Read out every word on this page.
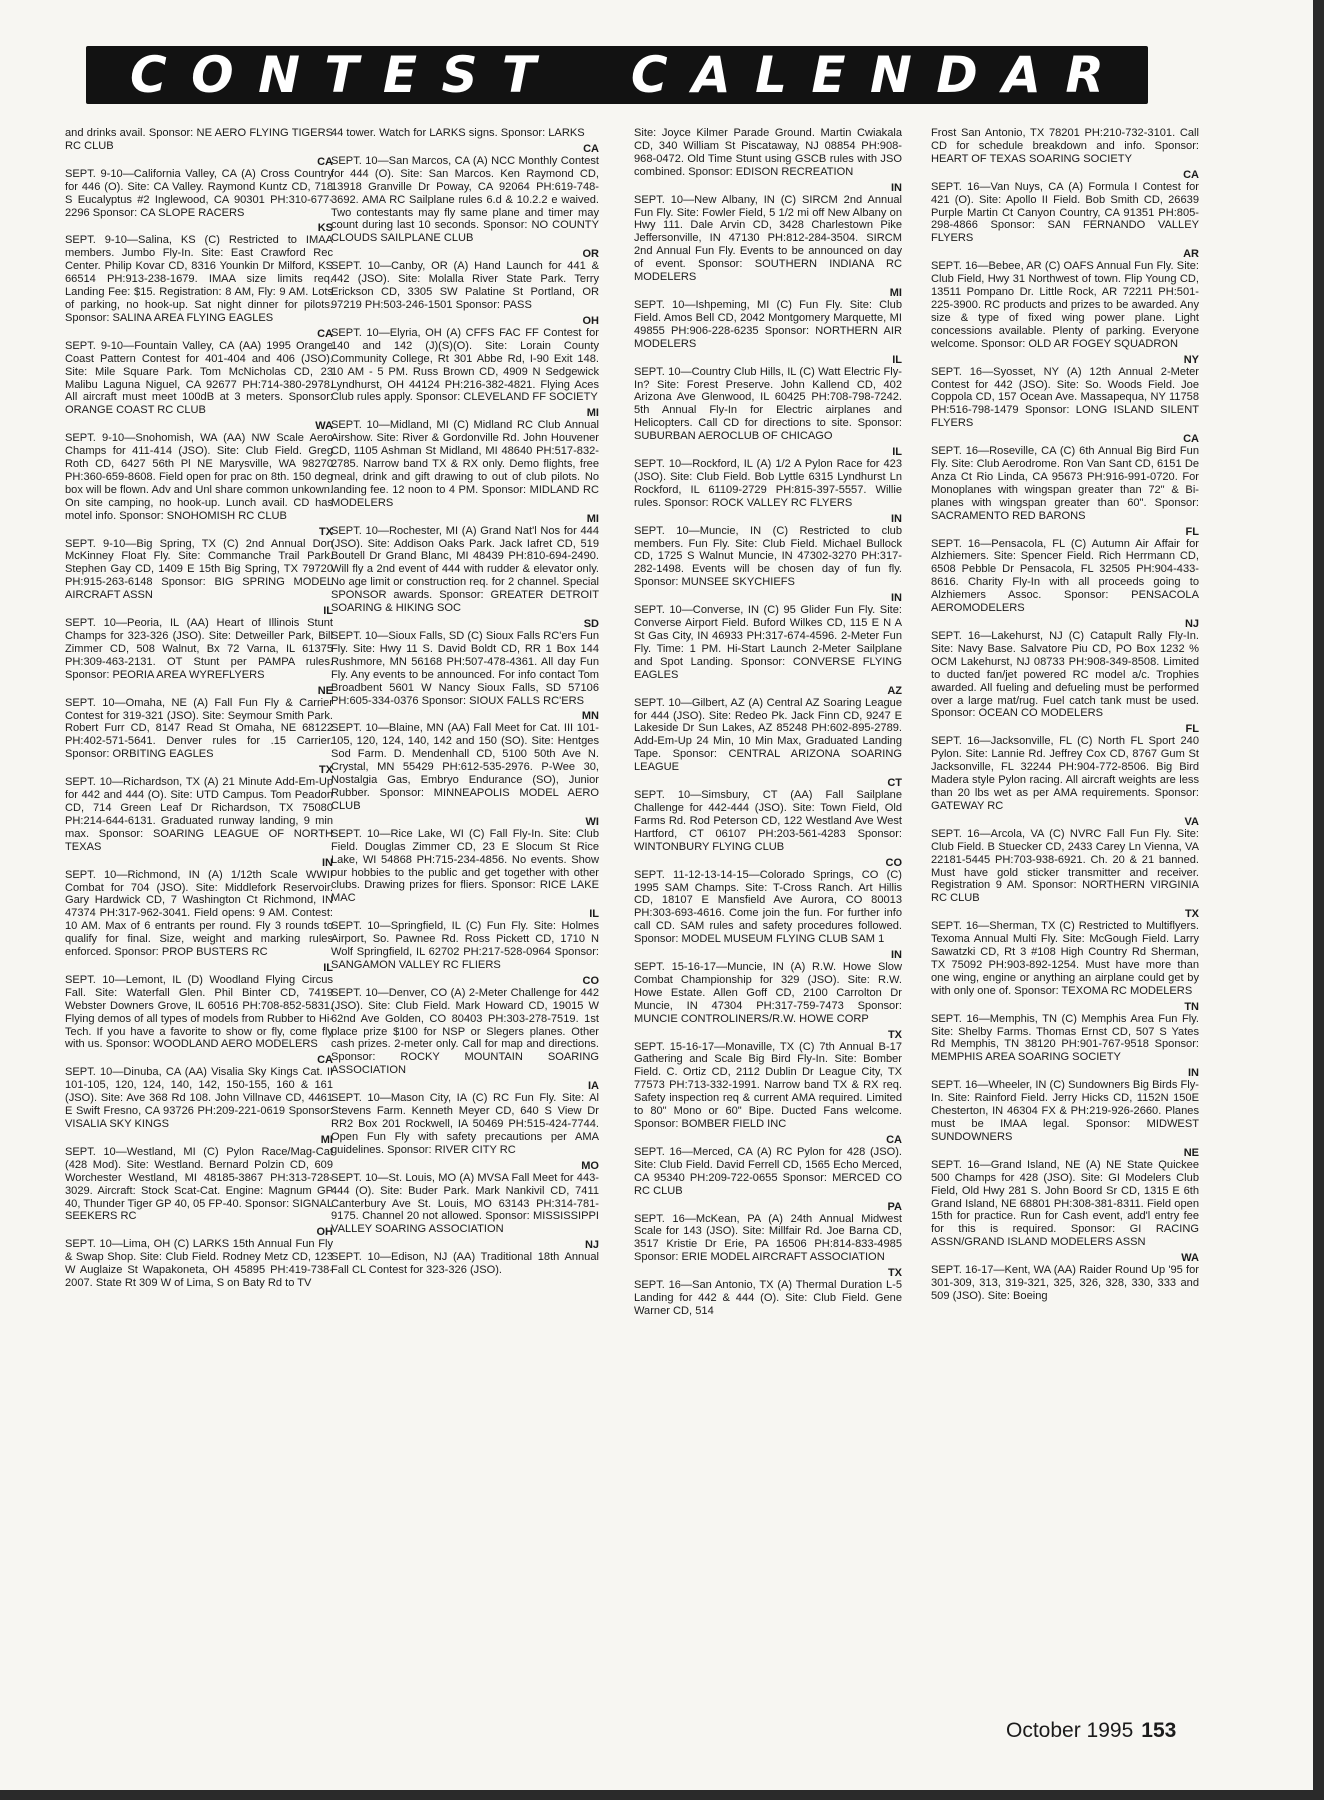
C O N T E S T C A L E N D A R
and drinks avail. Sponsor: NE AERO FLYING TIGERS RC CLUB
CA
SEPT. 9-10—California Valley, CA (A) Cross Country for 446 (O). Site: CA Valley. Raymond Kuntz CD, 718 S Eucalyptus #2 Inglewood, CA 90301 PH:310-677-2296 Sponsor: CA SLOPE RACERS
KS
SEPT. 9-10—Salina, KS (C) Restricted to IMAA members. Jumbo Fly-In. Site: East Crawford Rec Center. Philip Kovar CD, 8316 Younkin Dr Milford, KS 66514 PH:913-238-1679. IMAA size limits req. Landing Fee: $15. Registration: 8 AM, Fly: 9 AM. Lots of parking, no hook-up. Sat night dinner for pilots. Sponsor: SALINA AREA FLYING EAGLES
CA
SEPT. 9-10—Fountain Valley, CA (AA) 1995 Orange Coast Pattern Contest for 401-404 and 406 (JSO). Site: Mile Square Park. Tom McNicholas CD, 23 Malibu Laguna Niguel, CA 92677 PH:714-380-2978. All aircraft must meet 100dB at 3 meters. Sponsor: ORANGE COAST RC CLUB
WA
SEPT. 9-10—Snohomish, WA (AA) NW Scale Aero Champs for 411-414 (JSO). Site: Club Field. Greg Roth CD, 6427 56th Pl NE Marysville, WA 98270 PH:360-659-8608. Field open for prac on 8th. 150 deg box will be flown. Adv and Unl share common unkown. On site camping, no hook-up. Lunch avail. CD has motel info. Sponsor: SNOHOMISH RC CLUB
TX
SEPT. 9-10—Big Spring, TX (C) 2nd Annual Don McKinney Float Fly. Site: Commanche Trail Park. Stephen Gay CD, 1409 E 15th Big Spring, TX 79720 PH:915-263-6148 Sponsor: BIG SPRING MODEL AIRCRAFT ASSN
IL
SEPT. 10—Peoria, IL (AA) Heart of Illinois Stunt Champs for 323-326 (JSO). Site: Detweiller Park, Bill Zimmer CD, 508 Walnut, Bx 72 Varna, IL 61375 PH:309-463-2131. OT Stunt per PAMPA rules. Sponsor: PEORIA AREA WYREFLYERS
NE
SEPT. 10—Omaha, NE (A) Fall Fun Fly & Carrier Contest for 319-321 (JSO). Site: Seymour Smith Park. Robert Furr CD, 8147 Read St Omaha, NE 68122 PH:402-571-5641. Denver rules for .15 Carrier. Sponsor: ORBITING EAGLES
TX
SEPT. 10—Richardson, TX (A) 21 Minute Add-Em-Up for 442 and 444 (O). Site: UTD Campus. Tom Peadon CD, 714 Green Leaf Dr Richardson, TX 75080 PH:214-644-6131. Graduated runway landing, 9 min max. Sponsor: SOARING LEAGUE OF NORTH TEXAS
IN
SEPT. 10—Richmond, IN (A) 1/12th Scale WWII Combat for 704 (JSO). Site: Middlefork Reservoir. Gary Hardwick CD, 7 Washington Ct Richmond, IN 47374 PH:317-962-3041. Field opens: 9 AM. Contest: 10 AM. Max of 6 entrants per round. Fly 3 rounds to qualify for final. Size, weight and marking rules enforced. Sponsor: PROP BUSTERS RC
IL
SEPT. 10—Lemont, IL (D) Woodland Flying Circus Fall. Site: Waterfall Glen. Phil Binter CD, 7419 Webster Downers Grove, IL 60516 PH:708-852-5831. Flying demos of all types of models from Rubber to Hi-Tech. If you have a favorite to show or fly, come fly with us. Sponsor: WOODLAND AERO MODELERS
CA
SEPT. 10—Dinuba, CA (AA) Visalia Sky Kings Cat. II 101-105, 120, 124, 140, 142, 150-155, 160 & 161 (JSO). Site: Ave 368 Rd 108. John Villnave CD, 4461 E Swift Fresno, CA 93726 PH:209-221-0619 Sponsor: VISALIA SKY KINGS
MI
SEPT. 10—Westland, MI (C) Pylon Race/Mag-Cat (428 Mod). Site: Westland. Bernard Polzin CD, 609 Worchester Westland, MI 48185-3867 PH:313-728-3029. Aircraft: Stock Scat-Cat. Engine: Magnum GP 40, Thunder Tiger GP 40, 05 FP-40. Sponsor: SIGNAL SEEKERS RC
OH
SEPT. 10—Lima, OH (C) LARKS 15th Annual Fun Fly & Swap Shop. Site: Club Field. Rodney Metz CD, 123 W Auglaize St Wapakoneta, OH 45895 PH:419-738-2007. State Rt 309 W of Lima, S on Baty Rd to TV
44 tower. Watch for LARKS signs. Sponsor: LARKS
CA
SEPT. 10—San Marcos, CA (A) NCC Monthly Contest for 444 (O). Site: San Marcos. Ken Raymond CD, 13918 Granville Dr Poway, CA 92064 PH:619-748-3692. AMA RC Sailplane rules 6.d & 10.2.2 e waived. Two contestants may fly same plane and timer may count during last 10 seconds. Sponsor: NO COUNTY CLOUDS SAILPLANE CLUB
OR
SEPT. 10—Canby, OR (A) Hand Launch for 441 & 442 (JSO). Site: Molalla River State Park. Terry Erickson CD, 3305 SW Palatine St Portland, OR 97219 PH:503-246-1501 Sponsor: PASS
OH
SEPT. 10—Elyria, OH (A) CFFS FAC FF Contest for 140 and 142 (J)(S)(O). Site: Lorain County Community College, Rt 301 Abbe Rd, I-90 Exit 148. 10 AM - 5 PM. Russ Brown CD, 4909 N Sedgewick Lyndhurst, OH 44124 PH:216-382-4821. Flying Aces Club rules apply. Sponsor: CLEVELAND FF SOCIETY
MI
SEPT. 10—Midland, MI (C) Midland RC Club Annual Airshow. Site: River & Gordonville Rd. John Houvener CD, 1105 Ashman St Midland, MI 48640 PH:517-832-2785. Narrow band TX & RX only. Demo flights, free meal, drink and gift drawing to out of club pilots. No landing fee. 12 noon to 4 PM. Sponsor: MIDLAND RC MODELERS
MI
SEPT. 10—Rochester, MI (A) Grand Nat'l Nos for 444 (JSO). Site: Addison Oaks Park. Jack Iafret CD, 519 Boutell Dr Grand Blanc, MI 48439 PH:810-694-2490. Will fly a 2nd event of 444 with rudder & elevator only. No age limit or construction req. for 2 channel. Special SPONSOR awards. Sponsor: GREATER DETROIT SOARING & HIKING SOC
SD
SEPT. 10—Sioux Falls, SD (C) Sioux Falls RC'ers Fun Fly. Site: Hwy 11 S. David Boldt CD, RR 1 Box 144 Rushmore, MN 56168 PH:507-478-4361. All day Fun Fly. Any events to be announced. For info contact Tom Broadbent 5601 W Nancy Sioux Falls, SD 57106 PH:605-334-0376 Sponsor: SIOUX FALLS RC'ERS
MN
SEPT. 10—Blaine, MN (AA) Fall Meet for Cat. III 101-105, 120, 124, 140, 142 and 150 (SO). Site: Hentges Sod Farm. D. Mendenhall CD, 5100 50th Ave N. Crystal, MN 55429 PH:612-535-2976. P-Wee 30, Nostalgia Gas, Embryo Endurance (SO), Junior Rubber. Sponsor: MINNEAPOLIS MODEL AERO CLUB
WI
SEPT. 10—Rice Lake, WI (C) Fall Fly-In. Site: Club Field. Douglas Zimmer CD, 23 E Slocum St Rice Lake, WI 54868 PH:715-234-4856. No events. Show our hobbies to the public and get together with other clubs. Drawing prizes for fliers. Sponsor: RICE LAKE MAC
IL
SEPT. 10—Springfield, IL (C) Fun Fly. Site: Holmes Airport, So. Pawnee Rd. Ross Pickett CD, 1710 N Wolf Springfield, IL 62702 PH:217-528-0964 Sponsor: SANGAMON VALLEY RC FLIERS
CO
SEPT. 10—Denver, CO (A) 2-Meter Challenge for 442 (JSO). Site: Club Field. Mark Howard CD, 19015 W 62nd Ave Golden, CO 80403 PH:303-278-7519. 1st place prize $100 for NSP or Slegers planes. Other cash prizes. 2-meter only. Call for map and directions. Sponsor: ROCKY MOUNTAIN SOARING ASSOCIATION
IA
SEPT. 10—Mason City, IA (C) RC Fun Fly. Site: Al Stevens Farm. Kenneth Meyer CD, 640 S View Dr RR2 Box 201 Rockwell, IA 50469 PH:515-424-7744. Open Fun Fly with safety precautions per AMA guidelines. Sponsor: RIVER CITY RC
MO
SEPT. 10—St. Louis, MO (A) MVSA Fall Meet for 443-444 (O). Site: Buder Park. Mark Nankivil CD, 7411 Canterbury Ave St. Louis, MO 63143 PH:314-781-9175. Channel 20 not allowed. Sponsor: MISSISSIPPI VALLEY SOARING ASSOCIATION
NJ
SEPT. 10—Edison, NJ (AA) Traditional 18th Annual Fall CL Contest for 323-326 (JSO).
Site: Joyce Kilmer Parade Ground. Martin Cwiakala CD, 340 William St Piscataway, NJ 08854 PH:908-968-0472. Old Time Stunt using GSCB rules with JSO combined. Sponsor: EDISON RECREATION
IN
SEPT. 10—New Albany, IN (C) SIRCM 2nd Annual Fun Fly. Site: Fowler Field, 5 1/2 mi off New Albany on Hwy 111. Dale Arvin CD, 3428 Charlestown Pike Jeffersonville, IN 47130 PH:812-284-3504. SIRCM 2nd Annual Fun Fly. Events to be announced on day of event. Sponsor: SOUTHERN INDIANA RC MODELERS
MI
SEPT. 10—Ishpeming, MI (C) Fun Fly. Site: Club Field. Amos Bell CD, 2042 Montgomery Marquette, MI 49855 PH:906-228-6235 Sponsor: NORTHERN AIR MODELERS
IL
SEPT. 10—Country Club Hills, IL (C) Watt Electric Fly-In? Site: Forest Preserve. John Kallend CD, 402 Arizona Ave Glenwood, IL 60425 PH:708-798-7242. 5th Annual Fly-In for Electric airplanes and Helicopters. Call CD for directions to site. Sponsor: SUBURBAN AEROCLUB OF CHICAGO
IL
SEPT. 10—Rockford, IL (A) 1/2 A Pylon Race for 423 (JSO). Site: Club Field. Bob Lyttle 6315 Lyndhurst Ln Rockford, IL 61109-2729 PH:815-397-5557. Willie rules. Sponsor: ROCK VALLEY RC FLYERS
IN
SEPT. 10—Muncie, IN (C) Restricted to club members. Fun Fly. Site: Club Field. Michael Bullock CD, 1725 S Walnut Muncie, IN 47302-3270 PH:317-282-1498. Events will be chosen day of fun fly. Sponsor: MUNSEE SKYCHIEFS
IN
SEPT. 10—Converse, IN (C) 95 Glider Fun Fly. Site: Converse Airport Field. Buford Wilkes CD, 115 E N A St Gas City, IN 46933 PH:317-674-4596. 2-Meter Fun Fly. Time: 1 PM. Hi-Start Launch 2-Meter Sailplane and Spot Landing. Sponsor: CONVERSE FLYING EAGLES
AZ
SEPT. 10—Gilbert, AZ (A) Central AZ Soaring League for 444 (JSO). Site: Redeo Pk. Jack Finn CD, 9247 E Lakeside Dr Sun Lakes, AZ 85248 PH:602-895-2789. Add-Em-Up 24 Min, 10 Min Max, Graduated Landing Tape. Sponsor: CENTRAL ARIZONA SOARING LEAGUE
CT
SEPT. 10—Simsbury, CT (AA) Fall Sailplane Challenge for 442-444 (JSO). Site: Town Field, Old Farms Rd. Rod Peterson CD, 122 Westland Ave West Hartford, CT 06107 PH:203-561-4283 Sponsor: WINTONBURY FLYING CLUB
CO
SEPT. 11-12-13-14-15—Colorado Springs, CO (C) 1995 SAM Champs. Site: T-Cross Ranch. Art Hillis CD, 18107 E Mansfield Ave Aurora, CO 80013 PH:303-693-4616. Come join the fun. For further info call CD. SAM rules and safety procedures followed. Sponsor: MODEL MUSEUM FLYING CLUB SAM 1
IN
SEPT. 15-16-17—Muncie, IN (A) R.W. Howe Slow Combat Championship for 329 (JSO). Site: R.W. Howe Estate. Allen Goff CD, 2100 Carrolton Dr Muncie, IN 47304 PH:317-759-7473 Sponsor: MUNCIE CONTROLINERS/R.W. HOWE CORP
TX
SEPT. 15-16-17—Monaville, TX (C) 7th Annual B-17 Gathering and Scale Big Bird Fly-In. Site: Bomber Field. C. Ortiz CD, 2112 Dublin Dr League City, TX 77573 PH:713-332-1991. Narrow band TX & RX req. Safety inspection req & current AMA required. Limited to 80" Mono or 60" Bipe. Ducted Fans welcome. Sponsor: BOMBER FIELD INC
CA
SEPT. 16—Merced, CA (A) RC Pylon for 428 (JSO). Site: Club Field. David Ferrell CD, 1565 Echo Merced, CA 95340 PH:209-722-0655 Sponsor: MERCED CO RC CLUB
PA
SEPT. 16—McKean, PA (A) 24th Annual Midwest Scale for 143 (JSO). Site: Millfair Rd. Joe Barna CD, 3517 Kristie Dr Erie, PA 16506 PH:814-833-4985 Sponsor: ERIE MODEL AIRCRAFT ASSOCIATION
TX
SEPT. 16—San Antonio, TX (A) Thermal Duration L-5 Landing for 442 & 444 (O). Site: Club Field. Gene Warner CD, 514
Frost San Antonio, TX 78201 PH:210-732-3101. Call CD for schedule breakdown and info. Sponsor: HEART OF TEXAS SOARING SOCIETY
CA
SEPT. 16—Van Nuys, CA (A) Formula I Contest for 421 (O). Site: Apollo II Field. Bob Smith CD, 26639 Purple Martin Ct Canyon Country, CA 91351 PH:805-298-4866 Sponsor: SAN FERNANDO VALLEY FLYERS
AR
SEPT. 16—Bebee, AR (C) OAFS Annual Fun Fly. Site: Club Field, Hwy 31 Northwest of town. Flip Young CD, 13511 Pompano Dr. Little Rock, AR 72211 PH:501-225-3900. RC products and prizes to be awarded. Any size & type of fixed wing power plane. Light concessions available. Plenty of parking. Everyone welcome. Sponsor: OLD AR FOGEY SQUADRON
NY
SEPT. 16—Syosset, NY (A) 12th Annual 2-Meter Contest for 442 (JSO). Site: So. Woods Field. Joe Coppola CD, 157 Ocean Ave. Massapequa, NY 11758 PH:516-798-1479 Sponsor: LONG ISLAND SILENT FLYERS
CA
SEPT. 16—Roseville, CA (C) 6th Annual Big Bird Fun Fly. Site: Club Aerodrome. Ron Van Sant CD, 6151 De Anza Ct Rio Linda, CA 95673 PH:916-991-0720. For Monoplanes with wingspan greater than 72" & Bi-planes with wingspan greater than 60". Sponsor: SACRAMENTO RED BARONS
FL
SEPT. 16—Pensacola, FL (C) Autumn Air Affair for Alzhiemers. Site: Spencer Field. Rich Herrmann CD, 6508 Pebble Dr Pensacola, FL 32505 PH:904-433-8616. Charity Fly-In with all proceeds going to Alzhiemers Assoc. Sponsor: PENSACOLA AEROMODELERS
NJ
SEPT. 16—Lakehurst, NJ (C) Catapult Rally Fly-In. Site: Navy Base. Salvatore Piu CD, PO Box 1232 % OCM Lakehurst, NJ 08733 PH:908-349-8508. Limited to ducted fan/jet powered RC model a/c. Trophies awarded. All fueling and defueling must be performed over a large mat/rug. Fuel catch tank must be used. Sponsor: OCEAN CO MODELERS
FL
SEPT. 16—Jacksonville, FL (C) North FL Sport 240 Pylon. Site: Lannie Rd. Jeffrey Cox CD, 8767 Gum St Jacksonville, FL 32244 PH:904-772-8506. Big Bird Madera style Pylon racing. All aircraft weights are less than 20 lbs wet as per AMA requirements. Sponsor: GATEWAY RC
VA
SEPT. 16—Arcola, VA (C) NVRC Fall Fun Fly. Site: Club Field. B Stuecker CD, 2433 Carey Ln Vienna, VA 22181-5445 PH:703-938-6921. Ch. 20 & 21 banned. Must have gold sticker transmitter and receiver. Registration 9 AM. Sponsor: NORTHERN VIRGINIA RC CLUB
TX
SEPT. 16—Sherman, TX (C) Restricted to Multiflyers. Texoma Annual Multi Fly. Site: McGough Field. Larry Sawatzki CD, Rt 3 #108 High Country Rd Sherman, TX 75092 PH:903-892-1254. Must have more than one wing, engine or anything an airplane could get by with only one of. Sponsor: TEXOMA RC MODELERS
TN
SEPT. 16—Memphis, TN (C) Memphis Area Fun Fly. Site: Shelby Farms. Thomas Ernst CD, 507 S Yates Rd Memphis, TN 38120 PH:901-767-9518 Sponsor: MEMPHIS AREA SOARING SOCIETY
IN
SEPT. 16—Wheeler, IN (C) Sundowners Big Birds Fly-In. Site: Rainford Field. Jerry Hicks CD, 1152N 150E Chesterton, IN 46304 FX & PH:219-926-2660. Planes must be IMAA legal. Sponsor: MIDWEST SUNDOWNERS
NE
SEPT. 16—Grand Island, NE (A) NE State Quickee 500 Champs for 428 (JSO). Site: GI Modelers Club Field, Old Hwy 281 S. John Boord Sr CD, 1315 E 6th Grand Island, NE 68801 PH:308-381-8311. Field open 15th for practice. Run for Cash event, add'l entry fee for this is required. Sponsor: GI RACING ASSN/GRAND ISLAND MODELERS ASSN
WA
SEPT. 16-17—Kent, WA (AA) Raider Round Up '95 for 301-309, 313, 319-321, 325, 326, 328, 330, 333 and 509 (JSO). Site: Boeing
October 1995 153
